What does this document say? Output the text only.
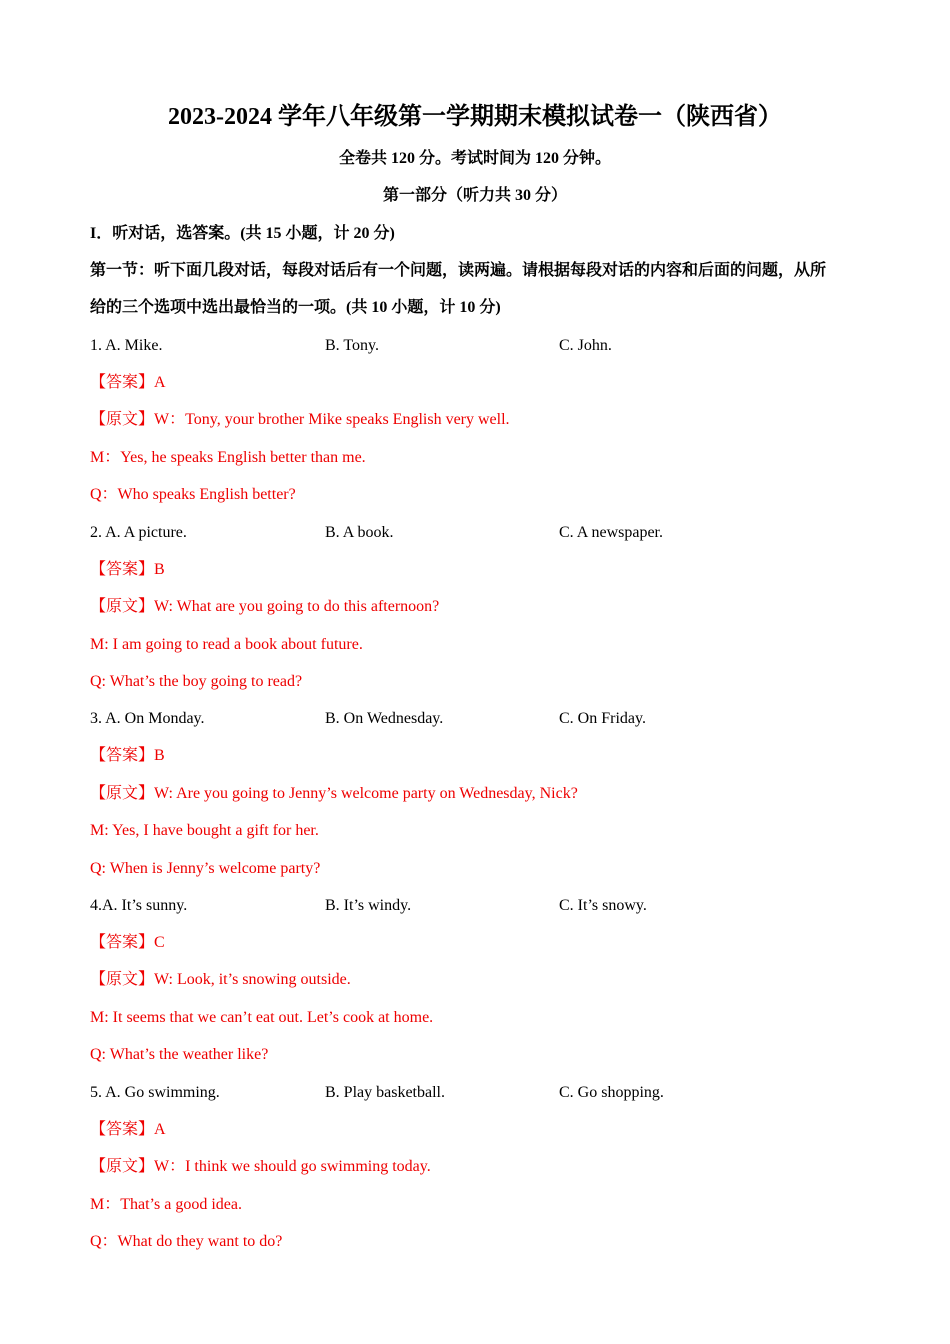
2023-2024 学年八年级第一学期期末模拟试卷一（陕西省）
全卷共 120 分。考试时间为 120 分钟。
第一部分（听力共 30 分）
I．听对话，选答案。(共 15 小题，计 20 分)
第一节：听下面几段对话，每段对话后有一个问题，读两遍。请根据每段对话的内容和后面的问题，从所
给的三个选项中选出最恰当的一项。(共 10 小题，计 10 分)
1. A. Mike.	B. Tony.	C. John.
【答案】A
【原文】W：Tony, your brother Mike speaks English very well.
M：Yes, he speaks English better than me.
Q：Who speaks English better?
2. A. A picture.	B. A book.	C. A newspaper.
【答案】B
【原文】W: What are you going to do this afternoon?
M: I am going to read a book about future.
Q: What’s the boy going to read?
3. A. On Monday.	B. On Wednesday.	C. On Friday.
【答案】B
【原文】W: Are you going to Jenny’s welcome party on Wednesday, Nick?
M: Yes, I have bought a gift for her.
Q: When is Jenny’s welcome party?
4.A. It’s sunny.	B. It’s windy.	C. It’s snowy.
【答案】C
【原文】W: Look, it’s snowing outside.
M: It seems that we can’t eat out. Let’s cook at home.
Q: What’s the weather like?
5. A. Go swimming.	B. Play basketball.	C. Go shopping.
【答案】A
【原文】W：I think we should go swimming today.
M：That’s a good idea.
Q：What do they want to do?
